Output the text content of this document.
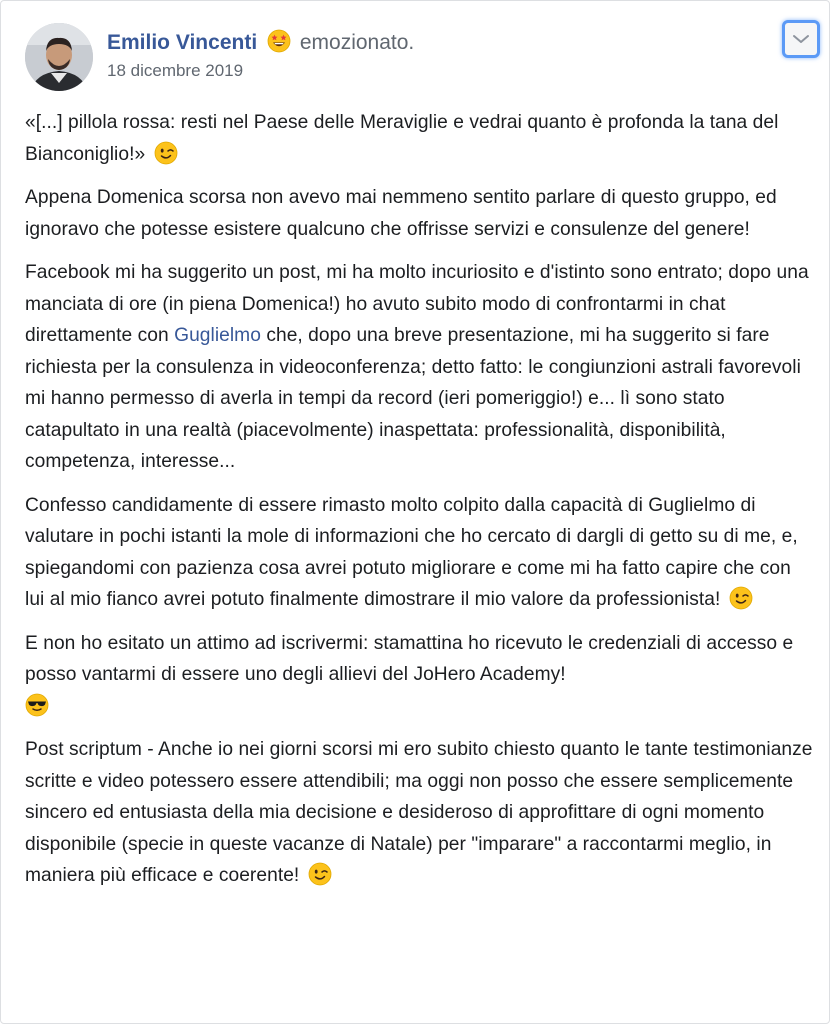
Emilio Vincenti emozionato.
18 dicembre 2019

«[...] pillola rossa: resti nel Paese delle Meraviglie e vedrai quanto è profonda la tana del Bianconiglio!»

Appena Domenica scorsa non avevo mai nemmeno sentito parlare di questo gruppo, ed ignoravo che potesse esistere qualcuno che offrisse servizi e consulenze del genere!

Facebook mi ha suggerito un post, mi ha molto incuriosito e d'istinto sono entrato; dopo una manciata di ore (in piena Domenica!) ho avuto subito modo di confrontarmi in chat direttamente con Guglielmo che, dopo una breve presentazione, mi ha suggerito si fare richiesta per la consulenza in videoconferenza; detto fatto: le congiunzioni astrali favorevoli mi hanno permesso di averla in tempi da record (ieri pomeriggio!) e... lì sono stato catapultato in una realtà (piacevolmente) inaspettata: professionalità, disponibilità, competenza, interesse...

Confesso candidamente di essere rimasto molto colpito dalla capacità di Guglielmo di valutare in pochi istanti la mole di informazioni che ho cercato di dargli di getto su di me, e, spiegandomi con pazienza cosa avrei potuto migliorare e come mi ha fatto capire che con lui al mio fianco avrei potuto finalmente dimostrare il mio valore da professionista!

E non ho esitato un attimo ad iscrivermi: stamattina ho ricevuto le credenziali di accesso e posso vantarmi di essere uno degli allievi del JoHero Academy!

Post scriptum - Anche io nei giorni scorsi mi ero subito chiesto quanto le tante testimonianze scritte e video potessero essere attendibili; ma oggi non posso che essere semplicemente sincero ed entusiasta della mia decisione e desideroso di approfittare di ogni momento disponibile (specie in queste vacanze di Natale) per "imparare" a raccontarmi meglio, in maniera più efficace e coerente!
